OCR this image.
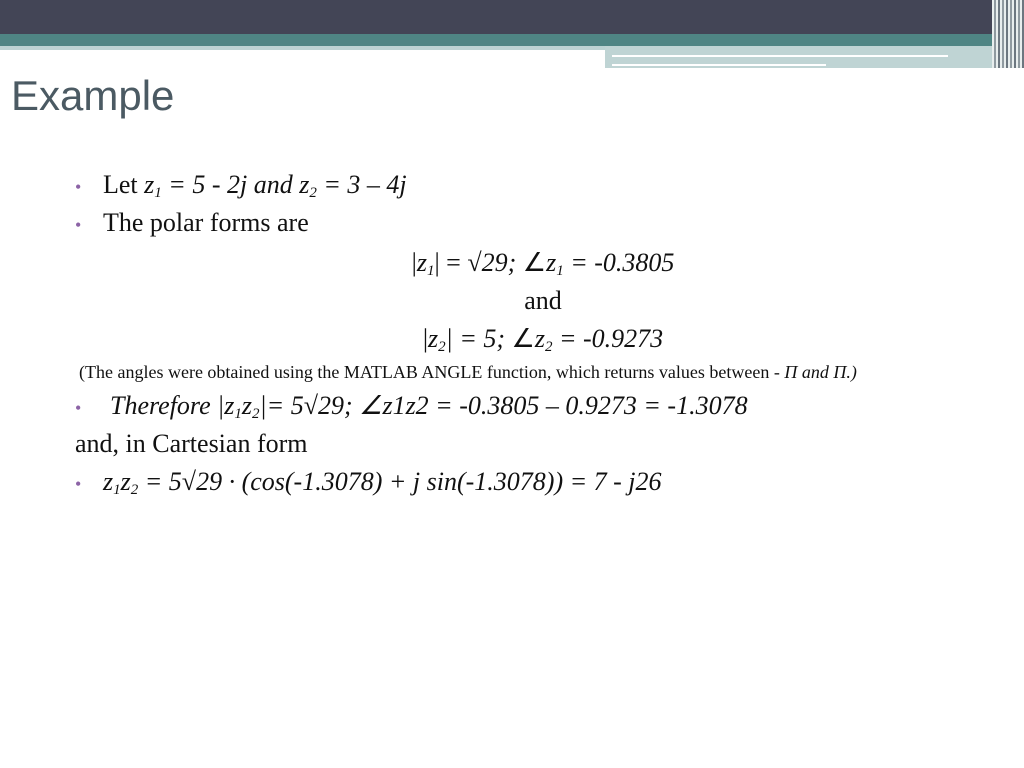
Example
• Let $z_1 = 5 - 2j$ and $z_2 = 3 - 4j$
• The polar forms are
$|z_1| = √29$; $\angle z_1 = -0.3805$
and
$|z_2| = 5$; $\angle z_2 = -0.9273$
(The angles were obtained using the MATLAB ANGLE function, which returns values between - Π and Π.)
• Therefore $|z_1z_2|= 5√29$; ∠z1z2 = -0.3805 – 0.9273 = -1.3078
and, in Cartesian form
• $z_1z_2 = 5√29 \cdot (\cos(-1.3078) + j$ sin(-1.3078)) = 7 - j26
